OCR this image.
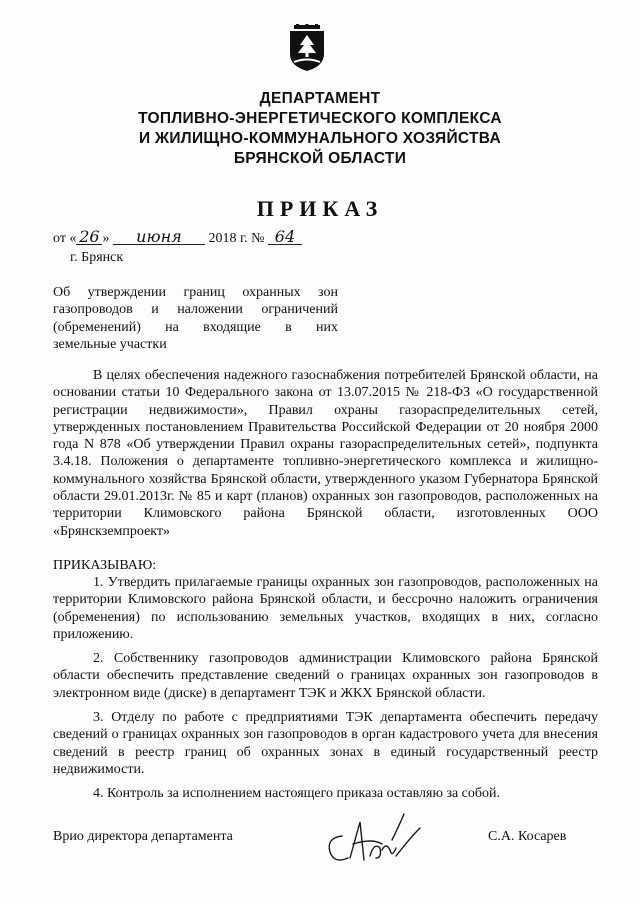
ДЕПАРТАМЕНТ
ТОПЛИВНО-ЭНЕРГЕТИЧЕСКОГО КОМПЛЕКСА
И ЖИЛИЩНО-КОММУНАЛЬНОГО ХОЗЯЙСТВА
БРЯНСКОЙ ОБЛАСТИ
ПРИКАЗ
от « 26 » июня 2018 г. № 64
г. Брянск
Об утверждении границ охранных зон
газопроводов и наложении ограничений
(обременений) на входящие в них
земельные участки

В целях обеспечения надежного газоснабжения потребителей Брянской области, на основании статьи 10 Федерального закона от 13.07.2015 № 218-ФЗ «О государственной регистрации недвижимости», Правил охраны газораспределительных сетей, утвержденных постановлением Правительства Российской Федерации от 20 ноября 2000 года N 878 «Об утверждении Правил охраны газораспределительных сетей», подпункта 3.4.18. Положения о департаменте топливно-энергетического комплекса и жилищно-коммунального хозяйства Брянской области, утвержденного указом Губернатора Брянской области 29.01.2013г. № 85 и карт (планов) охранных зон газопроводов, расположенных на территории Климовского района Брянской области, изготовленных ООО «Брянскземпроект»

ПРИКАЗЫВАЮ:

1. Утвердить прилагаемые границы охранных зон газопроводов, расположенных на территории Климовского района Брянской области, и бессрочно наложить ограничения (обременения) по использованию земельных участков, входящих в них, согласно приложению.

2. Собственнику газопроводов администрации Климовского района Брянской области обеспечить представление сведений о границах охранных зон газопроводов в электронном виде (диске) в департамент ТЭК и ЖКХ Брянской области.

3. Отделу по работе с предприятиями ТЭК департамента обеспечить передачу сведений о границах охранных зон газопроводов в орган кадастрового учета для внесения сведений в реестр границ об охранных зонах в единый государственный реестр недвижимости.

4. Контроль за исполнением настоящего приказа оставляю за собой.

Врио директора департамента	С.А. Косарев
